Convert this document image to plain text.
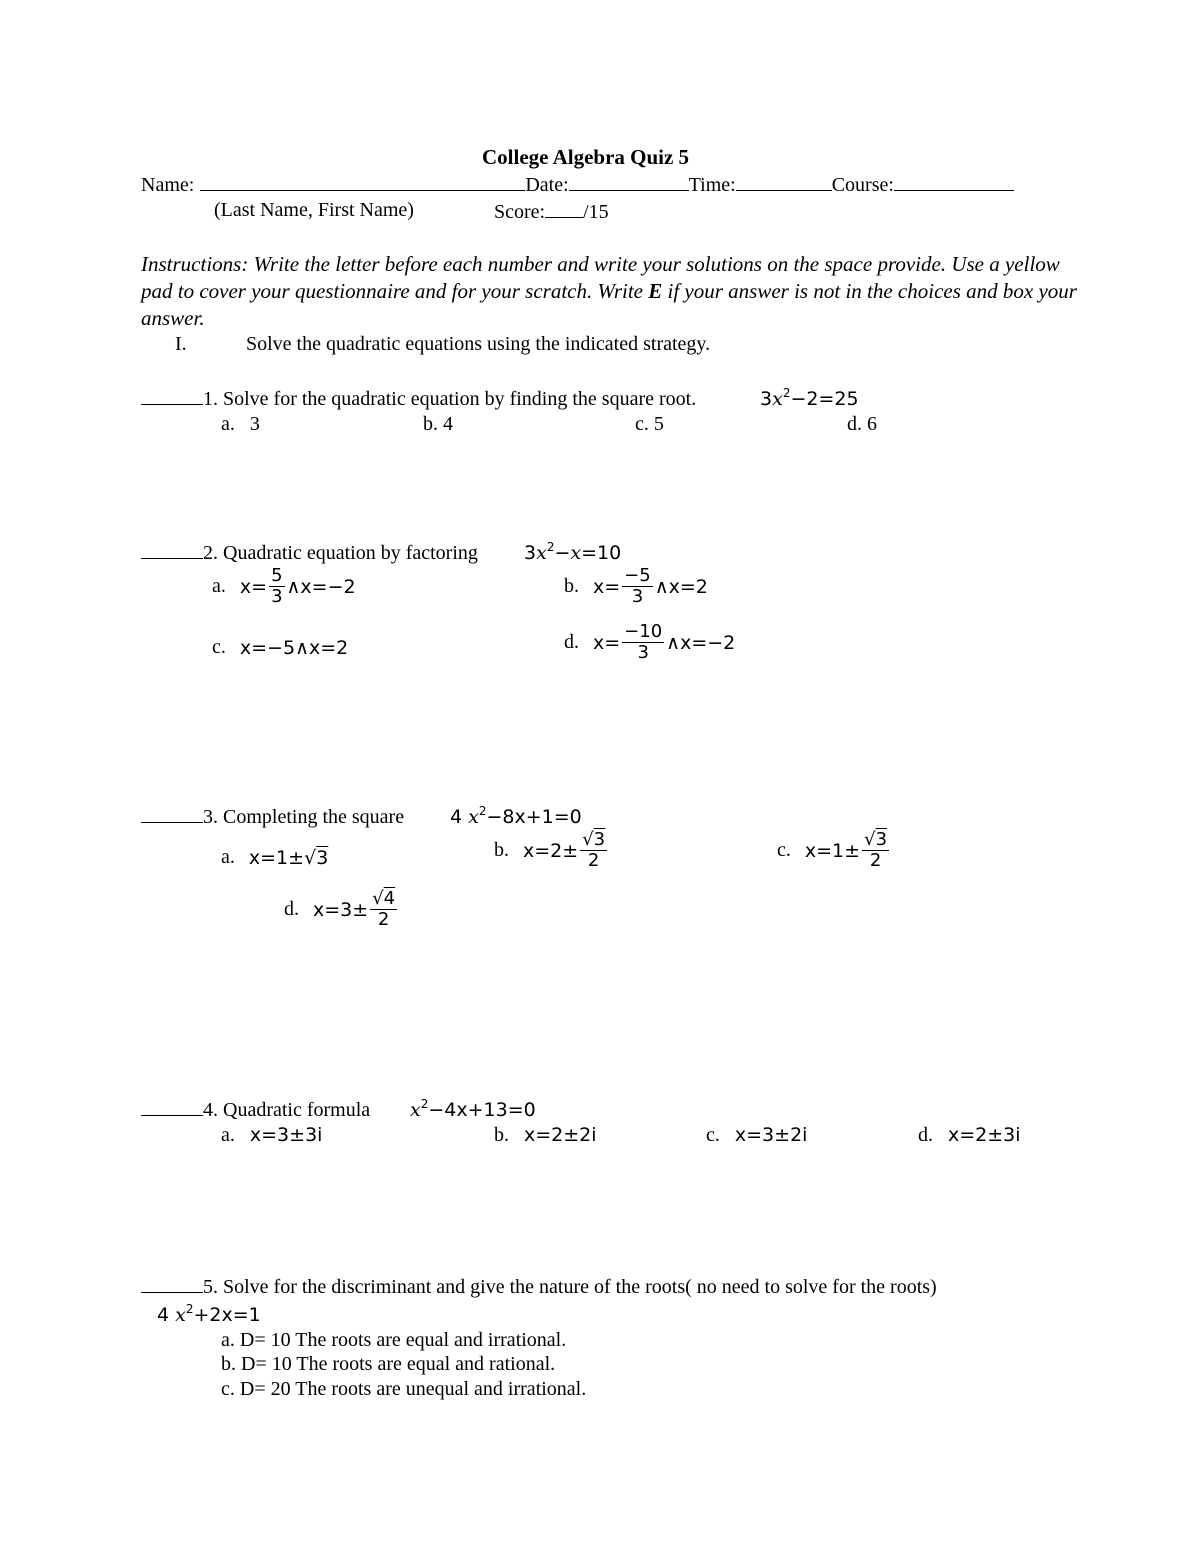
College Algebra Quiz 5
Name:	Date:	Time:	Course:
(Last Name, First Name)	Score: /15
Instructions: Write the letter before each number and write your solutions on the space provide. Use a yellow pad to cover your questionnaire and for your scratch. Write E if your answer is not in the choices and box your answer.
I.	Solve the quadratic equations using the indicated strategy.
1. Solve for the quadratic equation by finding the square root.	$3x^2-2=25$
a. 3	b. 4	c. 5	d. 6
2. Quadratic equation by factoring $3x^2-x=10$
a. $x= \frac{5}{3}$ ∧x=−2	b. $x= \frac{-5}{3}$ ∧x=2
c. x=−5∧x=2	d. $x= \frac{-10}{3}$ ∧x=−2
3. Completing the square 4 $x^2-8x+1=0$
a. x=1± √ 3	b. $x=2\pm \frac{√3}{2}$	c. $x=1\pm \frac{√3}{2}$
d. $x=3\pm \frac{√4}{2}$
4. Quadratic formula $x^2-4x+13=0$
a. x=3±3i	b. x=2±2i	c. x=3±2i	d. x=2±3i
5. Solve for the discriminant and give the nature of the roots( no need to solve for the roots)
4 $x^2+2x=1$
a. D= 10 The roots are equal and irrational.
b. D= 10 The roots are equal and rational.
c. D= 20 The roots are unequal and irrational.
